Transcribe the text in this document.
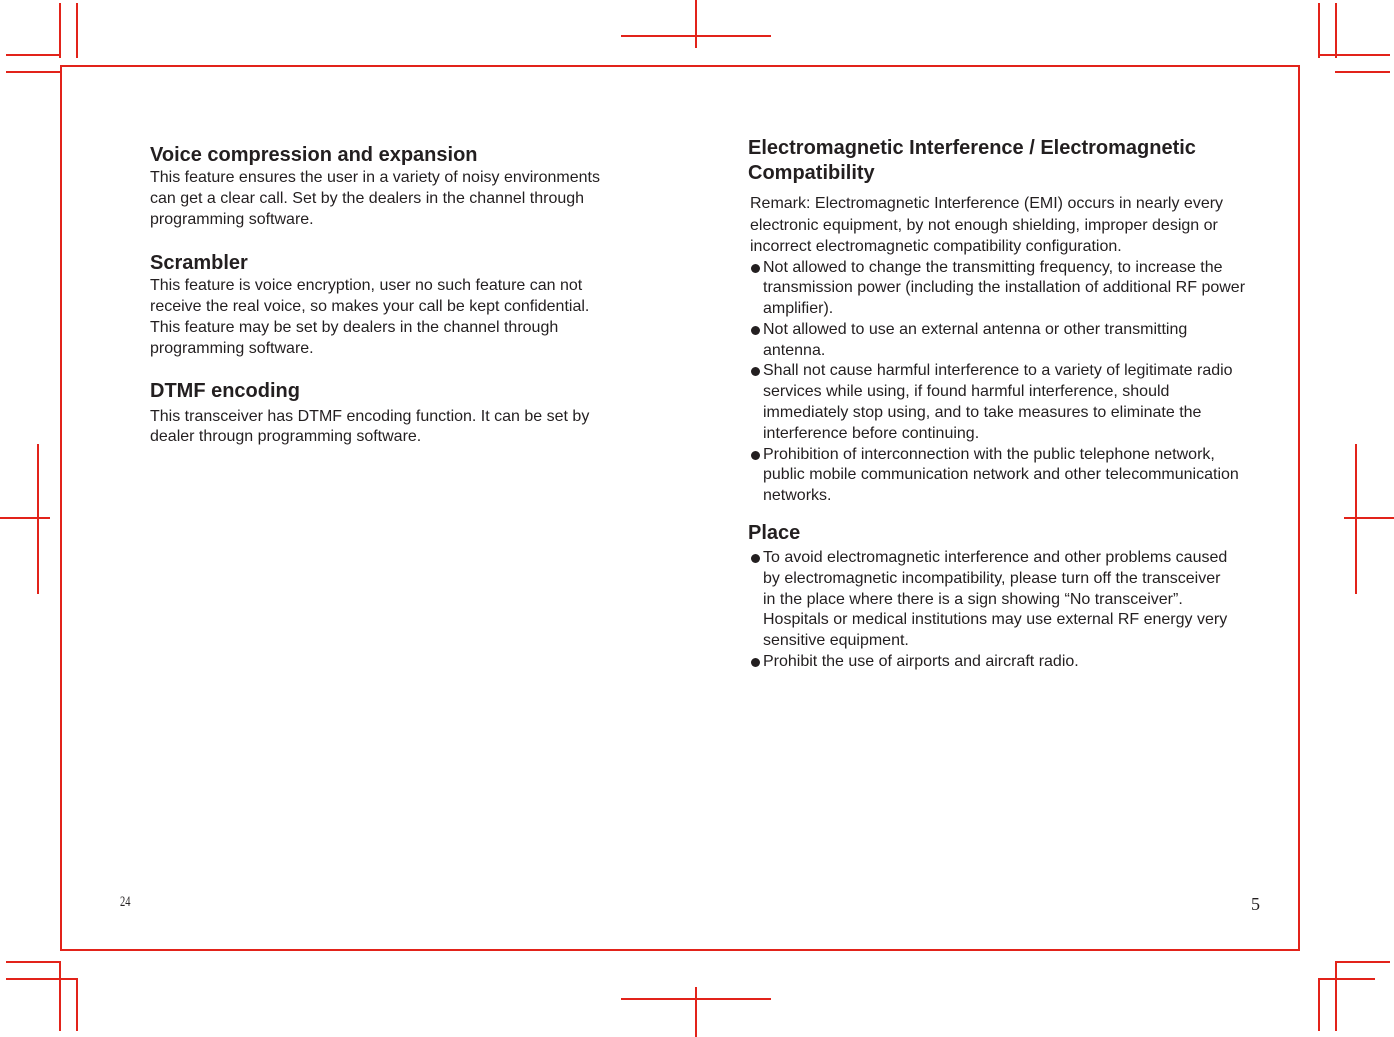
Voice compression and expansion

This feature ensures the user in a variety of noisy environments
can get a clear call. Set by the dealers in the channel through
programming software.

Scrambler

This feature is voice encryption, user no such feature can not
receive the real voice, so makes your call be kept confidential.
This feature may be set by dealers in the channel through
programming software.

DTMF encoding

This transceiver has DTMF encoding function. It can be set by
dealer througn programming software.

Electromagnetic Interference / Electromagnetic
Compatibility

Remark: Electromagnetic Interference (EMI) occurs in nearly every
electronic equipment, by not enough shielding, improper design or
incorrect electromagnetic compatibility configuration.

Not allowed to change the transmitting frequency, to increase the
transmission power (including the installation of additional RF power
amplifier).
Not allowed to use an external antenna or other transmitting
antenna.
Shall not cause harmful interference to a variety of legitimate radio
services while using, if found harmful interference, should
immediately stop using, and to take measures to eliminate the
interference before continuing.
Prohibition of interconnection with the public telephone network,
public mobile communication network and other telecommunication
networks.
Place
To avoid electromagnetic interference and other problems caused
by electromagnetic incompatibility, please turn off the transceiver
in the place where there is a sign showing “No transceiver”.
Hospitals or medical institutions may use external RF energy very
sensitive equipment.
Prohibit the use of airports and aircraft radio.
24	5
